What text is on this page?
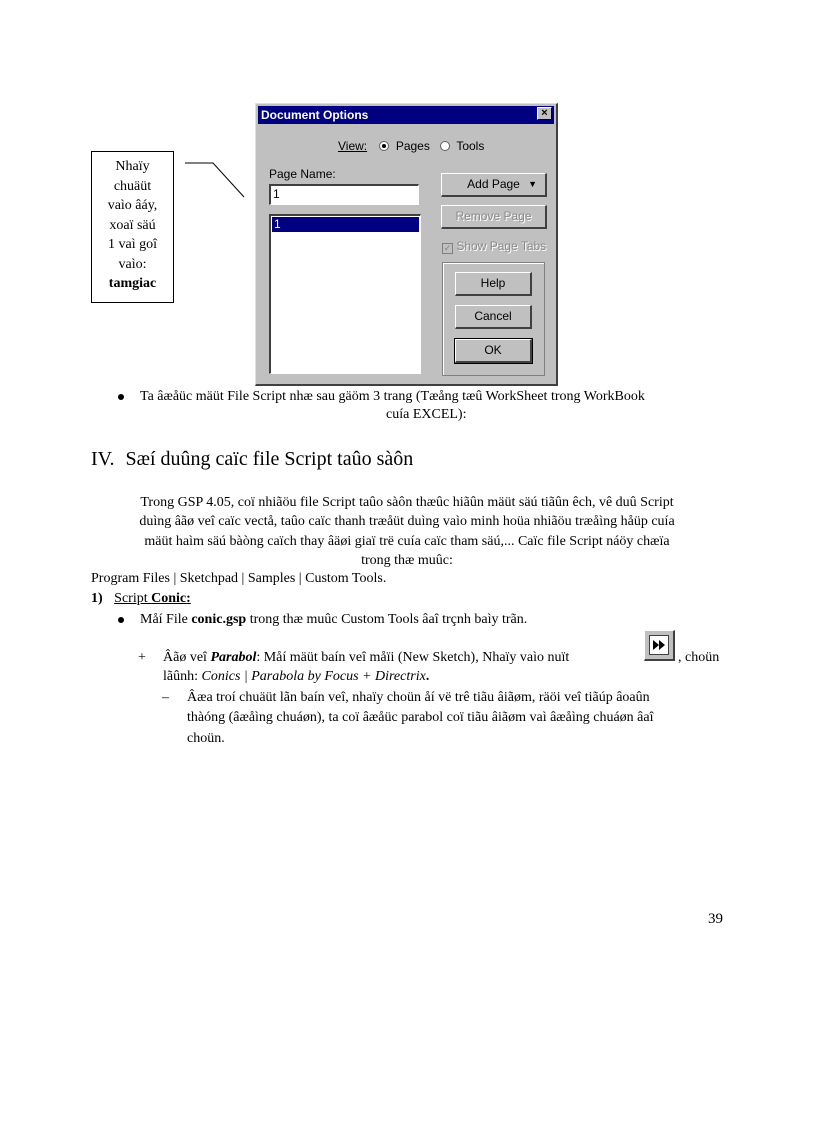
Nhaïy
chuäüt
vaìo âáy,
xoaï säú
1 vaì goî
vaìo:
tamgiac
Document Options	×
View: Pages Tools
Page Name:
1
1
Add Page ▼
Remove Page
✓ Show Page Tabs
Help
Cancel
OK
Ta âæåüc mäüt File Script nhæ sau gäöm 3 trang (Tæång tæû WorkSheet trong WorkBook
cuía EXCEL):
IV. Sæí duûng caïc file Script taûo sàôn
Trong GSP 4.05, coï nhiãöu file Script taûo sàôn thæûc hiãûn mäüt säú tiãûn êch, vê duû Script
duìng âãø veî caïc vectå, taûo caïc thanh træåüt duìng vaìo minh hoüa nhiãöu træåìng håüp cuía
mäüt haìm säú bàòng caïch thay âäøi giaï trë cuía caïc tham säú,... Caïc file Script náöy chæïa
trong thæ muûc:
Program Files | Sketchpad | Samples | Custom Tools.
1) Script Conic:
Måí File conic.gsp trong thæ muûc Custom Tools âaî trçnh baìy trãn.
+ Âãø veî Parabol: Måí mäüt baín veî måïi (New Sketch), Nhaïy vaìo nuït	, choün
lãûnh: Conics | Parabola by Focus + Directrix.
– Âæa troí chuäüt lãn baín veî, nhaïy choün åí vë trê tiãu âiãøm, räöi veî tiãúp âoaûn
thàóng (âæåìng chuáøn), ta coï âæåüc parabol coï tiãu âiãøm vaì âæåìng chuáøn âaî
choün.
39
